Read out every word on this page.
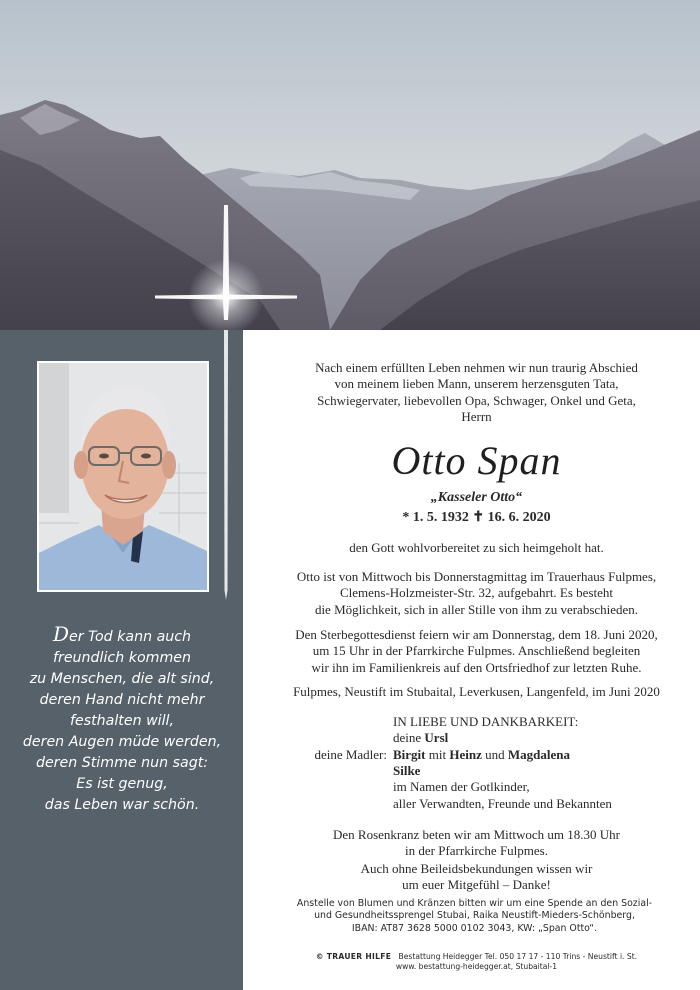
Der Tod kann auch
freundlich kommen
zu Menschen, die alt sind,
deren Hand nicht mehr
festhalten will,
deren Augen müde werden,
deren Stimme nun sagt:
Es ist genug,
das Leben war schön.
Nach einem erfüllten Leben nehmen wir nun traurig Abschied
von meinem lieben Mann, unserem herzensguten Tata,
Schwiegervater, liebevollen Opa, Schwager, Onkel und Geta,
Herrn
Otto Span
„Kasseler Otto“
* 1. 5. 1932 ✝ 16. 6. 2020
den Gott wohlvorbereitet zu sich heimgeholt hat.
Otto ist von Mittwoch bis Donnerstagmittag im Trauerhaus Fulpmes,
Clemens-Holzmeister-Str. 32, aufgebahrt. Es besteht
die Möglichkeit, sich in aller Stille von ihm zu verabschieden.
Den Sterbegottesdienst feiern wir am Donnerstag, dem 18. Juni 2020,
um 15 Uhr in der Pfarrkirche Fulpmes. Anschließend begleiten
wir ihn im Familienkreis auf den Ortsfriedhof zur letzten Ruhe.
Fulpmes, Neustift im Stubaital, Leverkusen, Langenfeld, im Juni 2020
IN LIEBE UND DANKBARKEIT:
deine Ursl
deine Madler: Birgit mit Heinz und Magdalena
Silke
im Namen der Gotlkinder,
aller Verwandten, Freunde und Bekannten
Den Rosenkranz beten wir am Mittwoch um 18.30 Uhr
in der Pfarrkirche Fulpmes.
Auch ohne Beileidsbekundungen wissen wir
um euer Mitgefühl – Danke!
Anstelle von Blumen und Kränzen bitten wir um eine Spende an den Sozial-
und Gesundheitssprengel Stubai, Raika Neustift-Mieders-Schönberg,
IBAN: AT87 3628 5000 0102 3043, KW: „Span Otto“.
© TRAUER HILFE Bestattung Heidegger Tel. 050 17 17 - 110 Trins - Neustift i. St.
www. bestattung-heidegger.at, Stubaital-1
